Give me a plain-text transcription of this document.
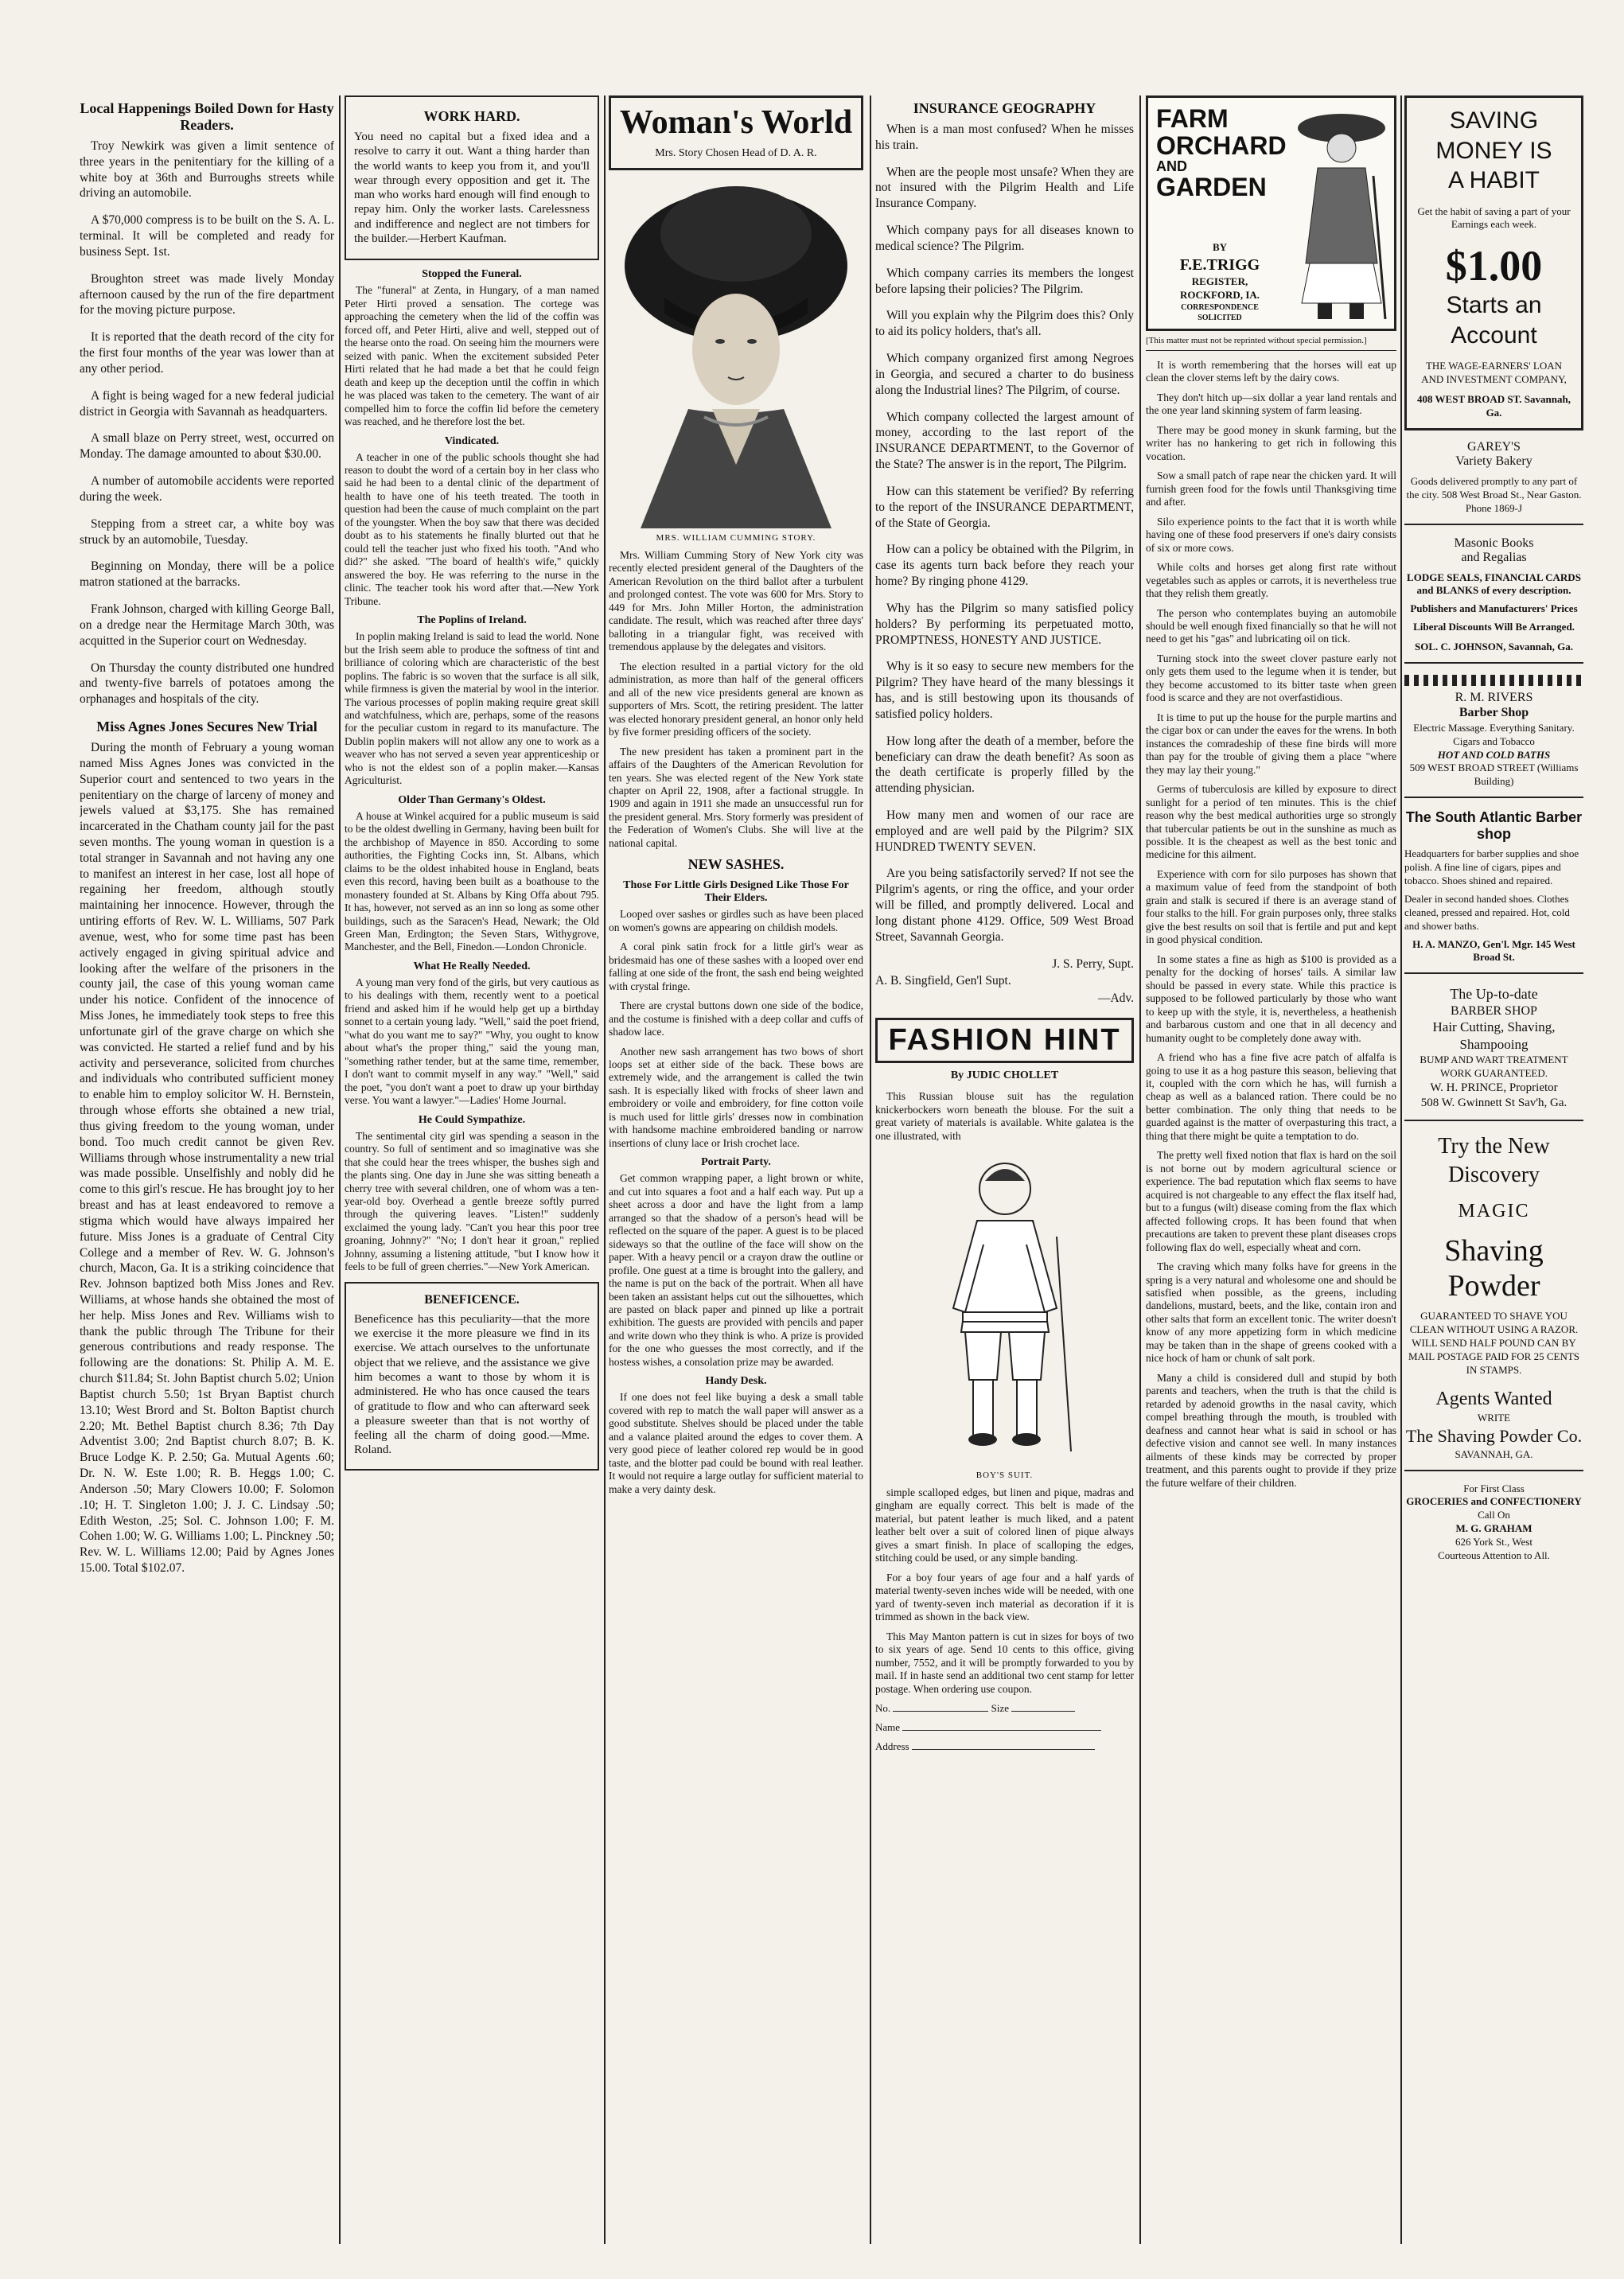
Local Happenings Boiled Down for Hasty Readers.

Troy Newkirk was given a limit sentence of three years in the penitentiary for the killing of a white boy at 36th and Burroughs streets while driving an automobile.

A $70,000 compress is to be built on the S. A. L. terminal. It will be completed and ready for business Sept. 1st.

Broughton street was made lively Monday afternoon caused by the run of the fire department for the moving picture purpose.

It is reported that the death record of the city for the first four months of the year was lower than at any other period.

A fight is being waged for a new federal judicial district in Georgia with Savannah as headquarters.

A small blaze on Perry street, west, occurred on Monday. The damage amounted to about $30.00.

A number of automobile accidents were reported during the week.

Stepping from a street car, a white boy was struck by an automobile, Tuesday.

Beginning on Monday, there will be a police matron stationed at the barracks.

Frank Johnson, charged with killing George Ball, on a dredge near the Hermitage March 30th, was acquitted in the Superior court on Wednesday.

On Thursday the county distributed one hundred and twenty-five barrels of potatoes among the orphanages and hospitals of the city.

Miss Agnes Jones Secures New Trial

During the month of February a young woman named Miss Agnes Jones was convicted in the Superior court and sentenced to two years in the penitentiary on the charge of larceny of money and jewels valued at $3,175. She has remained incarcerated in the Chatham county jail for the past seven months. The young woman in question is a total stranger in Savannah and not having any one to manifest an interest in her case, lost all hope of regaining her freedom, although stoutly maintaining her innocence. However, through the untiring efforts of Rev. W. L. Williams, 507 Park avenue, west, who for some time past has been actively engaged in giving spiritual advice and looking after the welfare of the prisoners in the county jail, the case of this young woman came under his notice. Confident of the innocence of Miss Jones, he immediately took steps to free this unfortunate girl of the grave charge on which she was convicted. He started a relief fund and by his activity and perseverance, solicited from churches and individuals who contributed sufficient money to enable him to employ solicitor W. H. Bernstein, through whose efforts she obtained a new trial, thus giving freedom to the young woman, under bond. Too much credit cannot be given Rev. Williams through whose instrumentality a new trial was made possible. Unselfishly and nobly did he come to this girl's rescue. He has brought joy to her breast and has at least endeavored to remove a stigma which would have always impaired her future. Miss Jones is a graduate of Central City College and a member of Rev. W. G. Johnson's church, Macon, Ga. It is a striking coincidence that Rev. Johnson baptized both Miss Jones and Rev. Williams, at whose hands she obtained the most of her help. Miss Jones and Rev. Williams wish to thank the public through The Tribune for their generous contributions and ready response. The following are the donations: St. Philip A. M. E. church $11.84; St. John Baptist church 5.02; Union Baptist church 5.50; 1st Bryan Baptist church 13.10; West Brord and St. Bolton Baptist church 2.20; Mt. Bethel Baptist church 8.36; 7th Day Adventist 3.00; 2nd Baptist church 8.07; B. K. Bruce Lodge K. P. 2.50; Ga. Mutual Agents .60; Dr. N. W. Este 1.00; R. B. Heggs 1.00; C. Anderson .50; Mary Clowers 10.00; F. Solomon .10; H. T. Singleton 1.00; J. J. C. Lindsay .50; Edith Weston, .25; Sol. C. Johnson 1.00; F. M. Cohen 1.00; W. G. Williams 1.00; L. Pinckney .50; Rev. W. L. Williams 12.00; Paid by Agnes Jones 15.00. Total $102.07.

WORK HARD.

You need no capital but a fixed idea and a resolve to carry it out. Want a thing harder than the world wants to keep you from it, and you'll wear through every opposition and get it. The man who works hard enough will find enough to repay him. Only the worker lasts. Carelessness and indifference and neglect are not timbers for the builder.—Herbert Kaufman.

Stopped the Funeral.

The "funeral" at Zenta, in Hungary, of a man named Peter Hirti proved a sensation. The cortege was approaching the cemetery when the lid of the coffin was forced off, and Peter Hirti, alive and well, stepped out of the hearse onto the road. On seeing him the mourners were seized with panic. When the excitement subsided Peter Hirti related that he had made a bet that he could feign death and keep up the deception until the coffin in which he was placed was taken to the cemetery. The want of air compelled him to force the coffin lid before the cemetery was reached, and he therefore lost the bet.

Vindicated.

A teacher in one of the public schools thought she had reason to doubt the word of a certain boy in her class who said he had been to a dental clinic of the department of health to have one of his teeth treated. The tooth in question had been the cause of much complaint on the part of the youngster. When the boy saw that there was decided doubt as to his statements he finally blurted out that he could tell the teacher just who fixed his tooth. "And who did?" she asked. "The board of health's wife," quickly answered the boy. He was referring to the nurse in the clinic. The teacher took his word after that.—New York Tribune.

The Poplins of Ireland.

In poplin making Ireland is said to lead the world. None but the Irish seem able to produce the softness of tint and brilliance of coloring which are characteristic of the best poplins. The fabric is so woven that the surface is all silk, while firmness is given the material by wool in the interior. The various processes of poplin making require great skill and watchfulness, which are, perhaps, some of the reasons for the peculiar custom in regard to its manufacture. The Dublin poplin makers will not allow any one to work as a weaver who has not served a seven year apprenticeship or who is not the eldest son of a poplin maker.—Kansas Agriculturist.

Older Than Germany's Oldest.

A house at Winkel acquired for a public museum is said to be the oldest dwelling in Germany, having been built for the archbishop of Mayence in 850. According to some authorities, the Fighting Cocks inn, St. Albans, which claims to be the oldest inhabited house in England, beats even this record, having been built as a boathouse to the monastery founded at St. Albans by King Offa about 795. It has, however, not served as an inn so long as some other buildings, such as the Saracen's Head, Newark; the Old Green Man, Erdington; the Seven Stars, Withygrove, Manchester, and the Bell, Finedon.—London Chronicle.

What He Really Needed.

A young man very fond of the girls, but very cautious as to his dealings with them, recently went to a poetical friend and asked him if he would help get up a birthday sonnet to a certain young lady. "Well," said the poet friend, "what do you want me to say?" "Why, you ought to know about what's the proper thing," said the young man, "something rather tender, but at the same time, remember, I don't want to commit myself in any way." "Well," said the poet, "you don't want a poet to draw up your birthday verse. You want a lawyer."—Ladies' Home Journal.

He Could Sympathize.

The sentimental city girl was spending a season in the country. So full of sentiment and so imaginative was she that she could hear the trees whisper, the bushes sigh and the plants sing. One day in June she was sitting beneath a cherry tree with several children, one of whom was a ten-year-old boy. Overhead a gentle breeze softly purred through the quivering leaves. "Listen!" suddenly exclaimed the young lady. "Can't you hear this poor tree groaning, Johnny?" "No; I don't hear it groan," replied Johnny, assuming a listening attitude, "but I know how it feels to be full of green cherries."—New York American.

BENEFICENCE.

Beneficence has this peculiarity—that the more we exercise it the more pleasure we find in its exercise. We attach ourselves to the unfortunate object that we relieve, and the assistance we give him becomes a want to those by whom it is administered. He who has once caused the tears of gratitude to flow and who can afterward seek a pleasure sweeter than that is not worthy of feeling all the charm of doing good.—Mme. Roland.

Woman's World
Mrs. Story Chosen Head of D. A. R.
MRS. WILLIAM CUMMING STORY.

Mrs. William Cumming Story of New York city was recently elected president general of the Daughters of the American Revolution on the third ballot after a turbulent and prolonged contest. The vote was 600 for Mrs. Story to 449 for Mrs. John Miller Horton, the administration candidate. The result, which was reached after three days' balloting in a triangular fight, was received with tremendous applause by the delegates and visitors.

The election resulted in a partial victory for the old administration, as more than half of the general officers and all of the new vice presidents general are known as supporters of Mrs. Scott, the retiring president. The latter was elected honorary president general, an honor only held by five former presiding officers of the society.

The new president has taken a prominent part in the affairs of the Daughters of the American Revolution for ten years. She was elected regent of the New York state chapter on April 22, 1908, after a factional struggle. In 1909 and again in 1911 she made an unsuccessful run for the president general. Mrs. Story formerly was president of the Federation of Women's Clubs. She will live at the national capital.

NEW SASHES.
Those For Little Girls Designed Like Those For Their Elders.

Looped over sashes or girdles such as have been placed on women's gowns are appearing on childish models.

A coral pink satin frock for a little girl's wear as bridesmaid has one of these sashes with a looped over end falling at one side of the front, the sash end being weighted with crystal fringe.

There are crystal buttons down one side of the bodice, and the costume is finished with a deep collar and cuffs of shadow lace.

Another new sash arrangement has two bows of short loops set at either side of the back. These bows are extremely wide, and the arrangement is called the twin sash. It is especially liked with frocks of sheer lawn and embroidery or voile and embroidery, for fine cotton voile is much used for little girls' dresses now in combination with handsome machine embroidered banding or narrow insertions of cluny lace or Irish crochet lace.

Portrait Party.

Get common wrapping paper, a light brown or white, and cut into squares a foot and a half each way. Put up a sheet across a door and have the light from a lamp arranged so that the shadow of a person's head will be reflected on the square of the paper. A guest is to be placed sideways so that the outline of the face will show on the paper. With a heavy pencil or a crayon draw the outline or profile. One guest at a time is brought into the gallery, and the name is put on the back of the portrait. When all have been taken an assistant helps cut out the silhouettes, which are pasted on black paper and pinned up like a portrait exhibition. The guests are provided with pencils and paper and write down who they think is who. A prize is provided for the one who guesses the most correctly, and if the hostess wishes, a consolation prize may be awarded.

Handy Desk.

If one does not feel like buying a desk a small table covered with rep to match the wall paper will answer as a good substitute. Shelves should be placed under the table and a valance plaited around the edges to cover them. A very good piece of leather colored rep would be in good taste, and the blotter pad could be bound with real leather. It would not require a large outlay for sufficient material to make a very dainty desk.

INSURANCE GEOGRAPHY

When is a man most confused? When he misses his train.

When are the people most unsafe? When they are not insured with the Pilgrim Health and Life Insurance Company.

Which company pays for all diseases known to medical science? The Pilgrim.

Which company carries its members the longest before lapsing their policies? The Pilgrim.

Will you explain why the Pilgrim does this? Only to aid its policy holders, that's all.

Which company organized first among Negroes in Georgia, and secured a charter to do business along the Industrial lines? The Pilgrim, of course.

Which company collected the largest amount of money, according to the last report of the INSURANCE DEPARTMENT, to the Governor of the State? The answer is in the report, The Pilgrim.

How can this statement be verified? By referring to the report of the INSURANCE DEPARTMENT, of the State of Georgia.

How can a policy be obtained with the Pilgrim, in case its agents turn back before they reach your home? By ringing phone 4129.

Why has the Pilgrim so many satisfied policy holders? By performing its perpetuated motto, PROMPTNESS, HONESTY AND JUSTICE.

Why is it so easy to secure new members for the Pilgrim? They have heard of the many blessings it has, and is still bestowing upon its thousands of satisfied policy holders.

How long after the death of a member, before the beneficiary can draw the death benefit? As soon as the death certificate is properly filled by the attending physician.

How many men and women of our race are employed and are well paid by the Pilgrim? SIX HUNDRED TWENTY SEVEN.

Are you being satisfactorily served? If not see the Pilgrim's agents, or ring the office, and your order will be filled, and promptly delivered. Local and long distant phone 4129. Office, 509 West Broad Street, Savannah Georgia.

J. S. Perry, Supt.

A. B. Singfield, Gen'l Supt.

—Adv.

FASHION HINT
By JUDIC CHOLLET

This Russian blouse suit has the regulation knickerbockers worn beneath the blouse. For the suit a great variety of materials is available. White galatea is the one illustrated, with

BOY'S SUIT.

simple scalloped edges, but linen and pique, madras and gingham are equally correct. This belt is made of the material, but patent leather is much liked, and a patent leather belt over a suit of colored linen of pique always gives a smart finish. In place of scalloping the edges, stitching could be used, or any simple banding.

For a boy four years of age four and a half yards of material twenty-seven inches wide will be needed, with one yard of twenty-seven inch material as decoration if it is trimmed as shown in the back view.

This May Manton pattern is cut in sizes for boys of two to six years of age. Send 10 cents to this office, giving number, 7552, and it will be promptly forwarded to you by mail. If in haste send an additional two cent stamp for letter postage. When ordering use coupon.

No.	Size
Name
Address
FARM
ORCHARD
AND
GARDEN
BY
F.E.TRIGG
REGISTER, ROCKFORD, IA.
CORRESPONDENCE SOLICITED
[This matter must not be reprinted without special permission.]

It is worth remembering that the horses will eat up clean the clover stems left by the dairy cows.

They don't hitch up—six dollar a year land rentals and the one year land skinning system of farm leasing.

There may be good money in skunk farming, but the writer has no hankering to get rich in following this vocation.

Sow a small patch of rape near the chicken yard. It will furnish green food for the fowls until Thanksgiving time and after.

Silo experience points to the fact that it is worth while having one of these food preservers if one's dairy consists of six or more cows.

While colts and horses get along first rate without vegetables such as apples or carrots, it is nevertheless true that they relish them greatly.

The person who contemplates buying an automobile should be well enough fixed financially so that he will not need to get his "gas" and lubricating oil on tick.

Turning stock into the sweet clover pasture early not only gets them used to the legume when it is tender, but they become accustomed to its bitter taste when green food is scarce and they are not overfastidious.

It is time to put up the house for the purple martins and the cigar box or can under the eaves for the wrens. In both instances the comradeship of these fine birds will more than pay for the trouble of giving them a place "where they may lay their young."

Germs of tuberculosis are killed by exposure to direct sunlight for a period of ten minutes. This is the chief reason why the best medical authorities urge so strongly that tubercular patients be out in the sunshine as much as possible. It is the cheapest as well as the best tonic and medicine for this ailment.

Experience with corn for silo purposes has shown that a maximum value of feed from the standpoint of both grain and stalk is secured if there is an average stand of four stalks to the hill. For grain purposes only, three stalks give the best results on soil that is fertile and put and kept in good physical condition.

In some states a fine as high as $100 is provided as a penalty for the docking of horses' tails. A similar law should be passed in every state. While this practice is supposed to be followed particularly by those who want to keep up with the style, it is, nevertheless, a heathenish and barbarous custom and one that in all decency and humanity ought to be completely done away with.

A friend who has a fine five acre patch of alfalfa is going to use it as a hog pasture this season, believing that it, coupled with the corn which he has, will furnish a cheap as well as a balanced ration. There could be no better combination. The only thing that needs to be guarded against is the matter of overpasturing this tract, a thing that there might be quite a temptation to do.

The pretty well fixed notion that flax is hard on the soil is not borne out by modern agricultural science or experience. The bad reputation which flax seems to have acquired is not chargeable to any effect the flax itself had, but to a fungus (wilt) disease coming from the flax which affected following crops. It has been found that when precautions are taken to prevent these plant diseases crops following flax do well, especially wheat and corn.

The craving which many folks have for greens in the spring is a very natural and wholesome one and should be satisfied when possible, as the greens, including dandelions, mustard, beets, and the like, contain iron and other salts that form an excellent tonic. The writer doesn't know of any more appetizing form in which medicine may be taken than in the shape of greens cooked with a nice hock of ham or chunk of salt pork.

Many a child is considered dull and stupid by both parents and teachers, when the truth is that the child is retarded by adenoid growths in the nasal cavity, which compel breathing through the mouth, is troubled with deafness and cannot hear what is said in school or has defective vision and cannot see well. In many instances ailments of these kinds may be corrected by proper treatment, and this parents ought to provide if they prize the future welfare of their children.

SAVING
MONEY IS
A HABIT
Get the habit of saving a part of your Earnings each week.
$1.00
Starts an
Account
THE WAGE-EARNERS' LOAN AND INVESTMENT COMPANY,
408 WEST BROAD ST. Savannah, Ga.
GAREY'S
Variety Bakery
Goods delivered promptly to any part of the city. 508 West Broad St., Near Gaston. Phone 1869-J
Masonic Books
and Regalias
LODGE SEALS, FINANCIAL CARDS and BLANKS of every description.
Publishers and Manufacturers' Prices
Liberal Discounts Will Be Arranged.
SOL. C. JOHNSON, Savannah, Ga.
R. M. RIVERS
Barber Shop
Electric Massage. Everything Sanitary. Cigars and Tobacco
HOT AND COLD BATHS
509 WEST BROAD STREET (Williams Building)
The South Atlantic Barber shop
Headquarters for barber supplies and shoe polish. A fine line of cigars, pipes and tobacco. Shoes shined and repaired.
Dealer in second handed shoes. Clothes cleaned, pressed and repaired. Hot, cold and shower baths.
H. A. MANZO, Gen'l. Mgr. 145 West Broad St.
The Up-to-date
BARBER SHOP
Hair Cutting, Shaving, Shampooing
BUMP AND WART TREATMENT WORK GUARANTEED.
W. H. PRINCE, Proprietor
508 W. Gwinnett St Sav'h, Ga.
Try the New Discovery
MAGIC
Shaving Powder
GUARANTEED TO SHAVE YOU CLEAN WITHOUT USING A RAZOR. WILL SEND HALF POUND CAN BY MAIL POSTAGE PAID FOR 25 CENTS IN STAMPS.
Agents Wanted
WRITE
The Shaving Powder Co.
SAVANNAH, GA.
For First Class
GROCERIES and CONFECTIONERY
Call On
M. G. GRAHAM
626 York St., West
Courteous Attention to All.
